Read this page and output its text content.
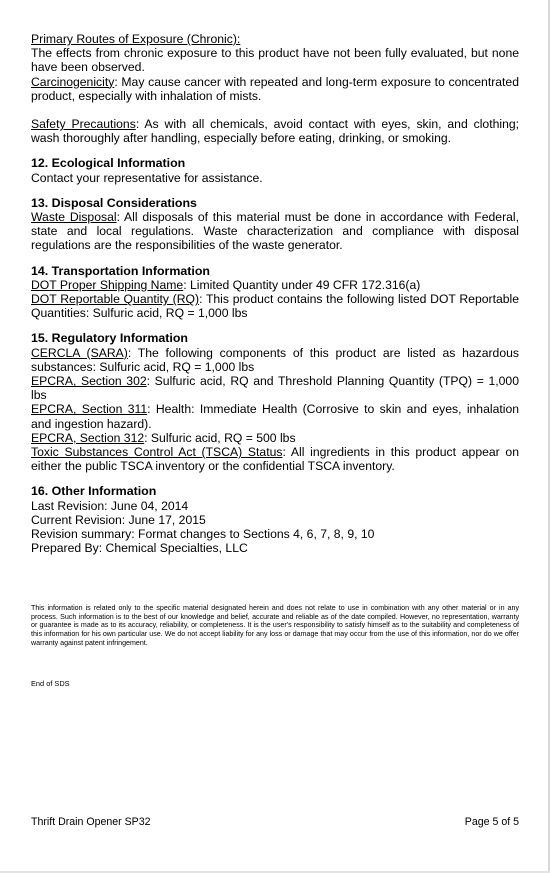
Primary Routes of Exposure (Chronic):
The effects from chronic exposure to this product have not been fully evaluated, but none have been observed.

Carcinogenicity: May cause cancer with repeated and long-term exposure to concentrated product, especially with inhalation of mists.

Safety Precautions: As with all chemicals, avoid contact with eyes, skin, and clothing; wash thoroughly after handling, especially before eating, drinking, or smoking.

12. Ecological Information

Contact your representative for assistance.

13. Disposal Considerations

Waste Disposal: All disposals of this material must be done in accordance with Federal, state and local regulations. Waste characterization and compliance with disposal regulations are the responsibilities of the waste generator.

14. Transportation Information

DOT Proper Shipping Name: Limited Quantity under 49 CFR 172.316(a)

DOT Reportable Quantity (RQ): This product contains the following listed DOT Reportable Quantities: Sulfuric acid, RQ = 1,000 lbs

15. Regulatory Information

CERCLA (SARA): The following components of this product are listed as hazardous substances: Sulfuric acid, RQ = 1,000 lbs

EPCRA, Section 302: Sulfuric acid, RQ and Threshold Planning Quantity (TPQ) = 1,000 lbs

EPCRA, Section 311: Health: Immediate Health (Corrosive to skin and eyes, inhalation and ingestion hazard).

EPCRA, Section 312: Sulfuric acid, RQ = 500 lbs

Toxic Substances Control Act (TSCA) Status: All ingredients in this product appear on either the public TSCA inventory or the confidential TSCA inventory.

16. Other Information

Last Revision: June 04, 2014

Current Revision: June 17, 2015

Revision summary: Format changes to Sections 4, 6, 7, 8, 9, 10

Prepared By: Chemical Specialties, LLC

This information is related only to the specific material designated herein and does not relate to use in combination with any other material or in any process. Such information is to the best of our knowledge and belief, accurate and reliable as of the date compiled. However, no representation, warranty or guarantee is made as to its accuracy, reliability, or completeness. It is the user's responsibility to satisfy himself as to the suitability and completeness of this information for his own particular use. We do not accept liability for any loss or damage that may occur from the use of this information, nor do we offer warranty against patent infringement.

End of SDS

Thrift Drain Opener SP32	Page 5 of 5
